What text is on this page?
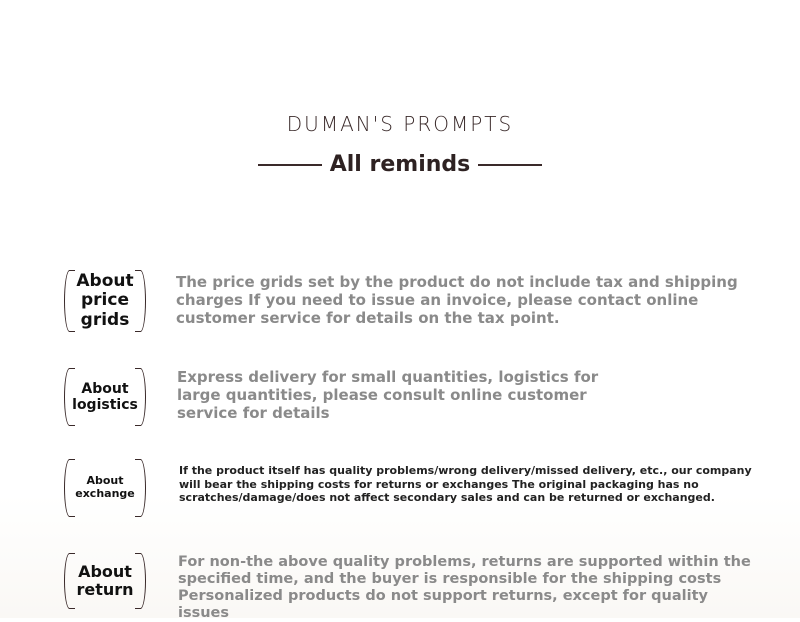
DUMAN'S PROMPTS
All reminds
About
price
grids
The price grids set by the product do not include tax and shipping
charges If you need to issue an invoice, please contact online
customer service for details on the tax point.
About
logistics
Express delivery for small quantities, logistics for
large quantities, please consult online customer
service for details
About
exchange
If the product itself has quality problems/wrong delivery/missed delivery, etc., our company
will bear the shipping costs for returns or exchanges The original packaging has no
scratches/damage/does not affect secondary sales and can be returned or exchanged.
About
return
For non-the above quality problems, returns are supported within the
specified time, and the buyer is responsible for the shipping costs
Personalized products do not support returns, except for quality issues
